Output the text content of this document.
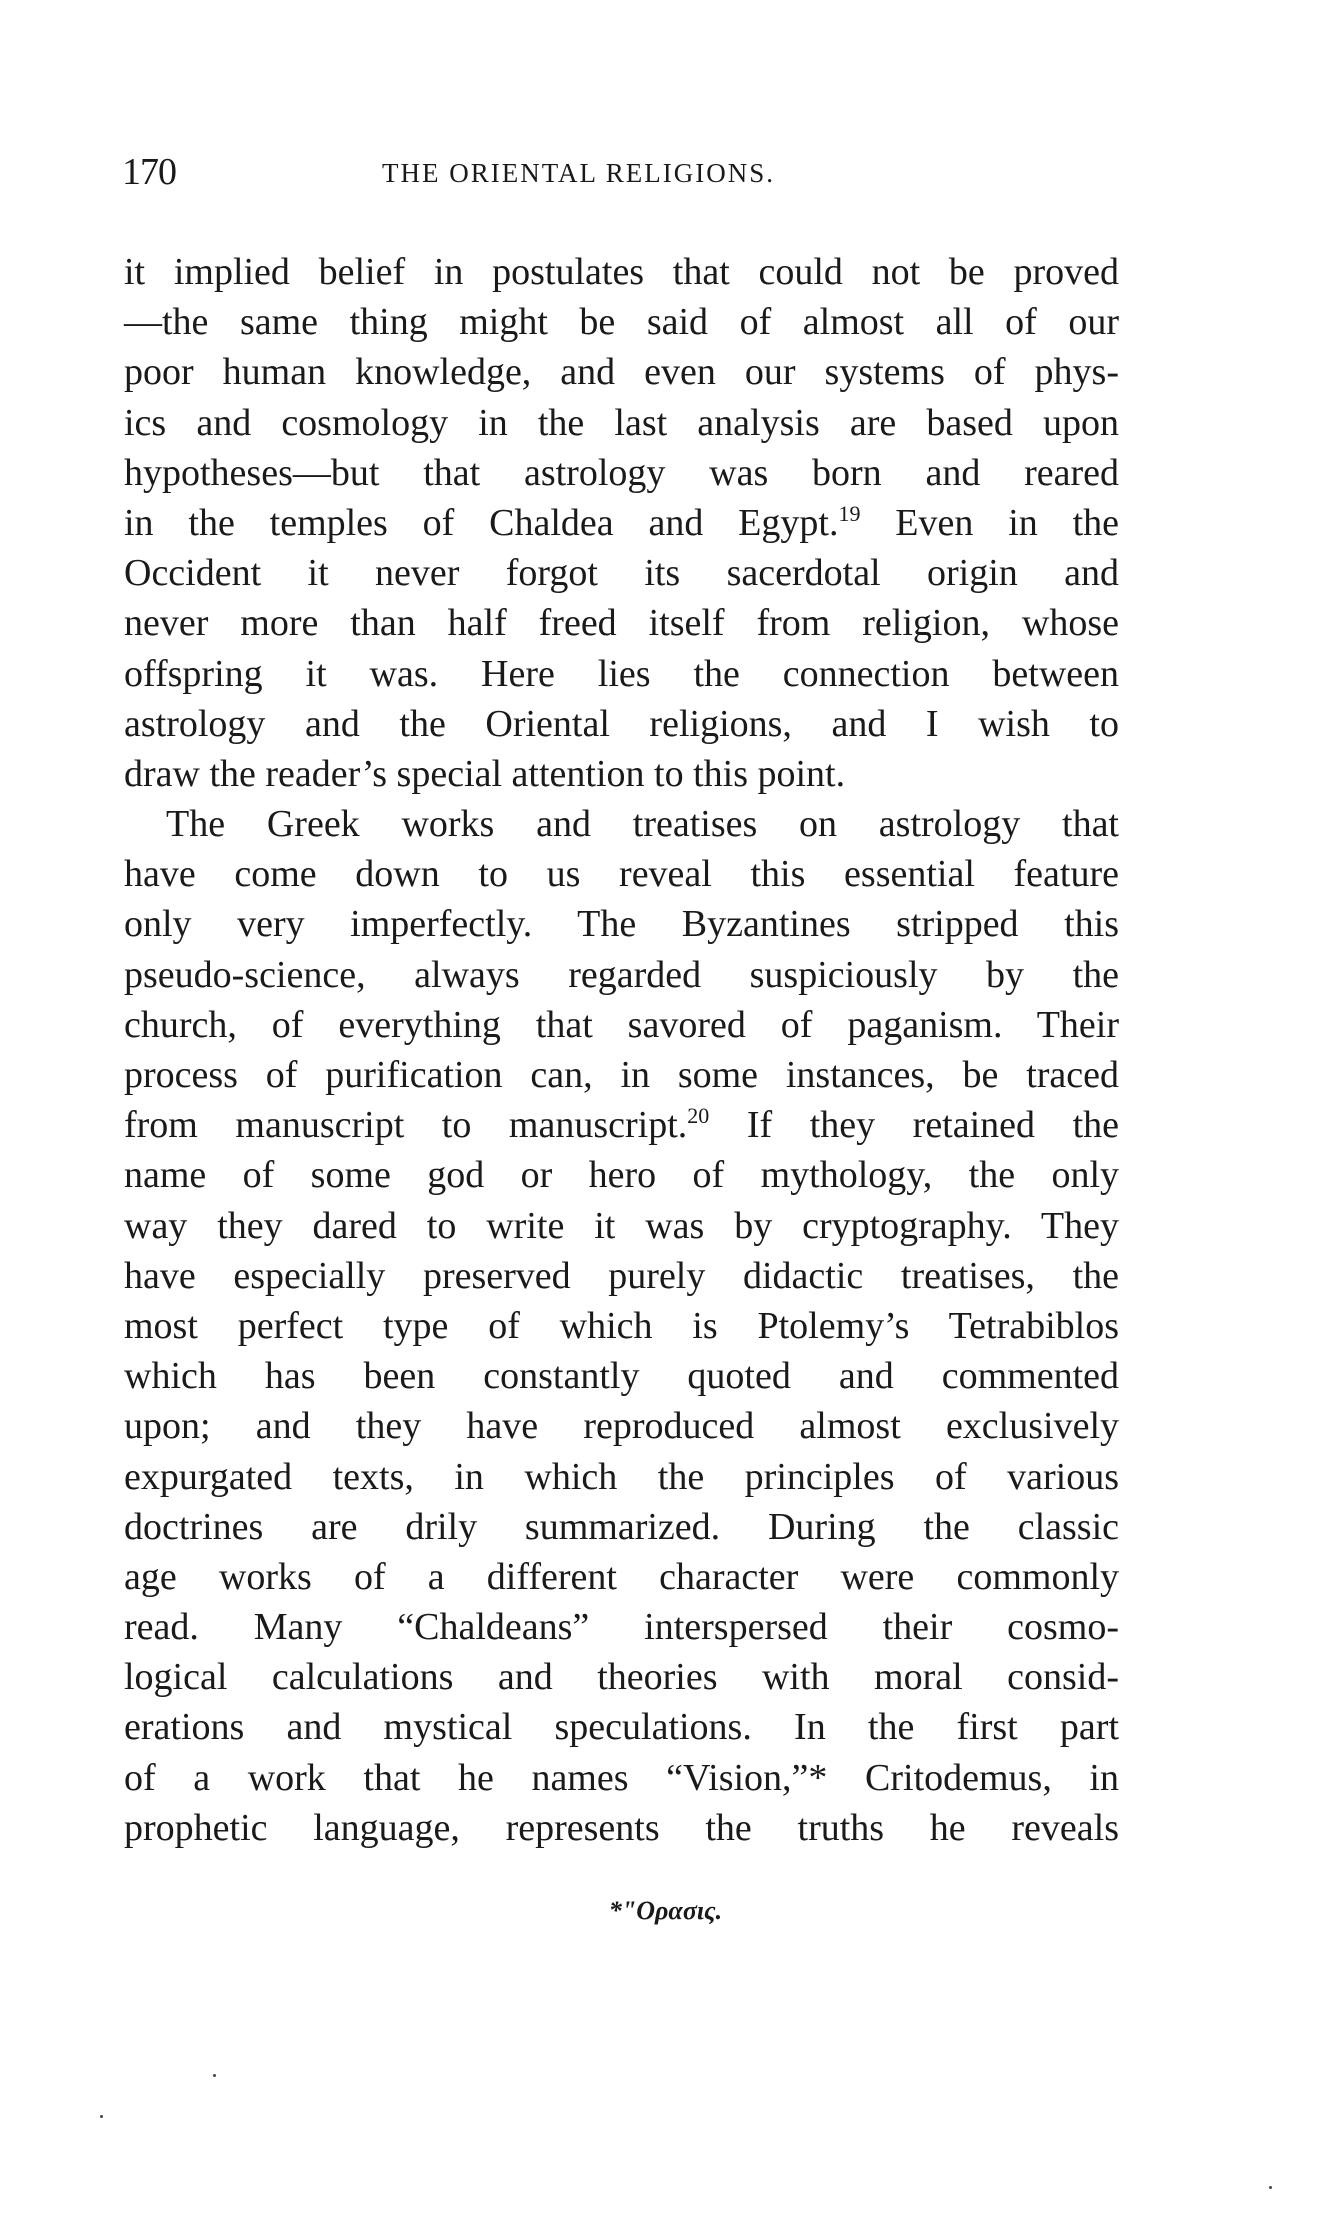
170	THE ORIENTAL RELIGIONS.
it implied belief in postulates that could not be proved
—the same thing might be said of almost all of our
poor human knowledge, and even our systems of phys-
ics and cosmology in the last analysis are based upon
hypotheses—but that astrology was born and reared
in the temples of Chaldea and Egypt.$^{19}$ Even in the
Occident it never forgot its sacerdotal origin and
never more than half freed itself from religion, whose
offspring it was. Here lies the connection between
astrology and the Oriental religions, and I wish to
draw the reader’s special attention to this point.
The Greek works and treatises on astrology that
have come down to us reveal this essential feature
only very imperfectly. The Byzantines stripped this
pseudo-science, always regarded suspiciously by the
church, of everything that savored of paganism. Their
process of purification can, in some instances, be traced
from manuscript to manuscript.$^{20}$ If they retained the
name of some god or hero of mythology, the only
way they dared to write it was by cryptography. They
have especially preserved purely didactic treatises, the
most perfect type of which is Ptolemy’s Tetrabiblos
which has been constantly quoted and commented
upon; and they have reproduced almost exclusively
expurgated texts, in which the principles of various
doctrines are drily summarized. During the classic
age works of a different character were commonly
read. Many “Chaldeans” interspersed their cosmo-
logical calculations and theories with moral consid-
erations and mystical speculations. In the first part
of a work that he names “Vision,”* Critodemus, in
prophetic language, represents the truths he reveals
*"Ορασις.
